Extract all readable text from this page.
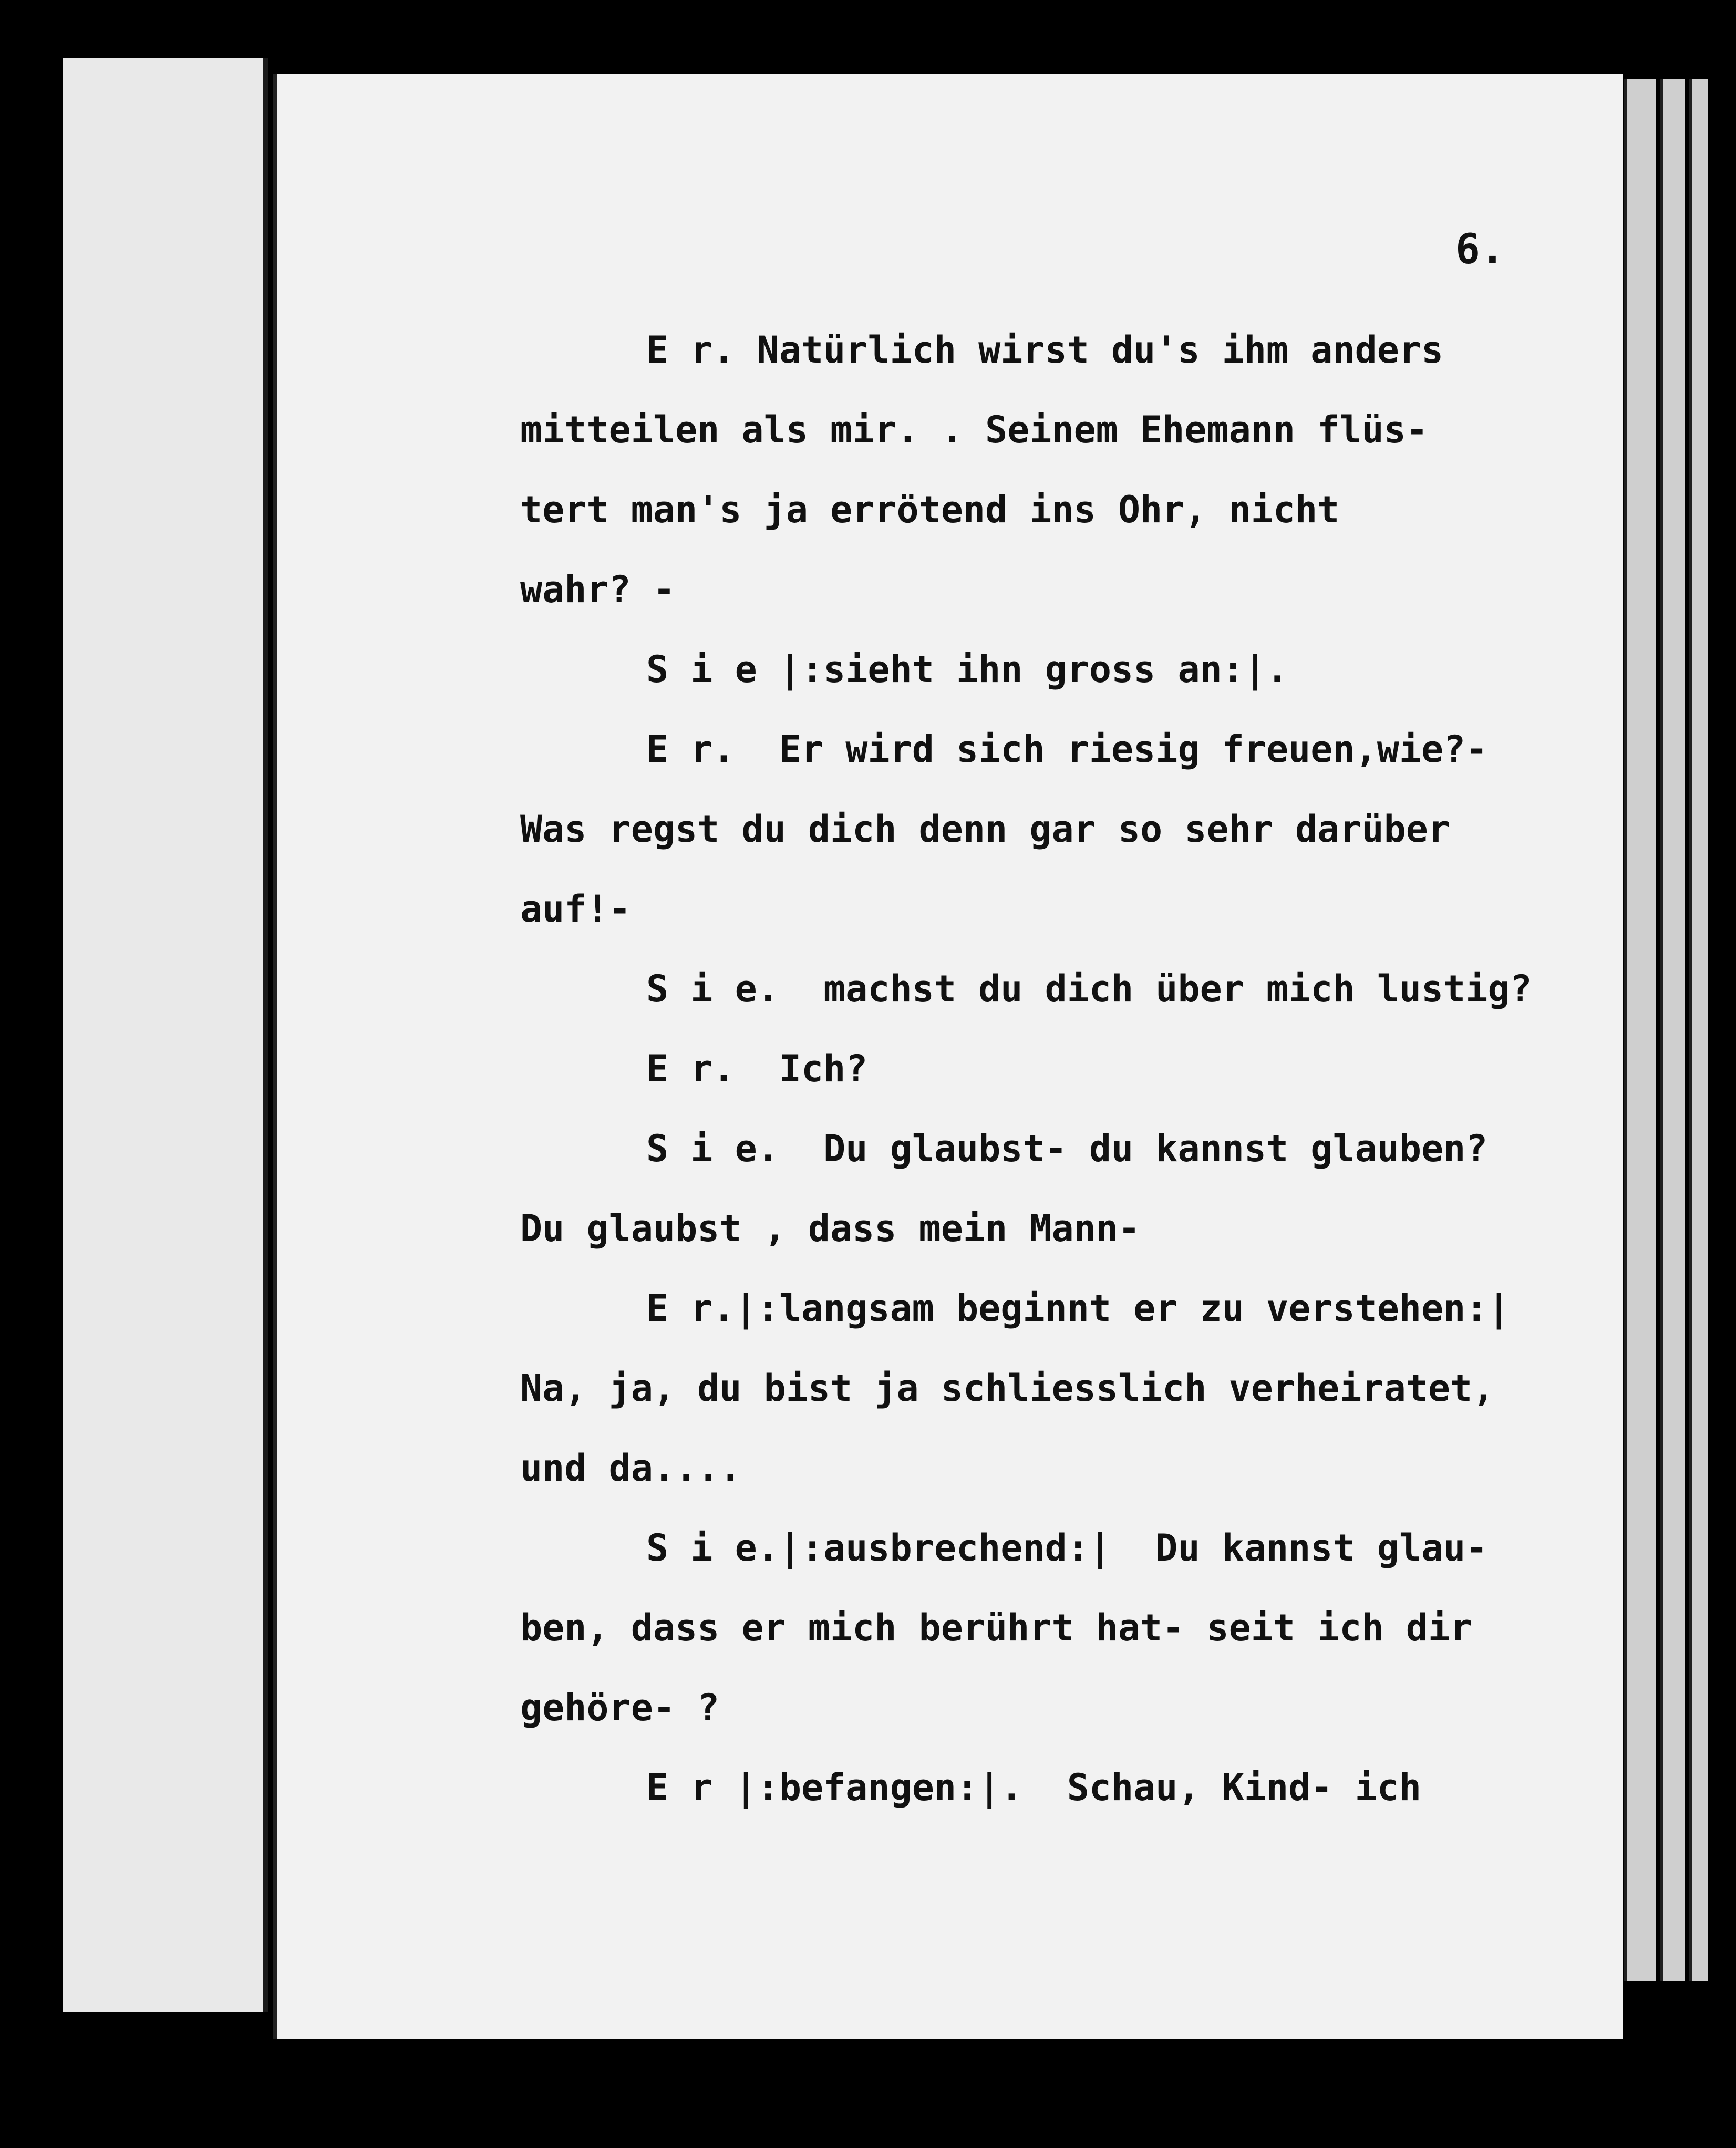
6.
E r. Natürlich wirst du's ihm anders
mitteilen als mir. . Seinem Ehemann flüs-
tert man's ja errötend ins Ohr, nicht
wahr? -
S i e |:sieht ihn gross an:|.
E r.  Er wird sich riesig freuen,wie?-
Was regst du dich denn gar so sehr darüber
auf!-
S i e.  machst du dich über mich lustig?
E r.  Ich?
S i e.  Du glaubst- du kannst glauben?
Du glaubst , dass mein Mann-
E r.|:langsam beginnt er zu verstehen:|
Na, ja, du bist ja schliesslich verheiratet,
und da....
S i e.|:ausbrechend:|  Du kannst glau-
ben, dass er mich berührt hat- seit ich dir
gehöre- ?
E r |:befangen:|.  Schau, Kind- ich
